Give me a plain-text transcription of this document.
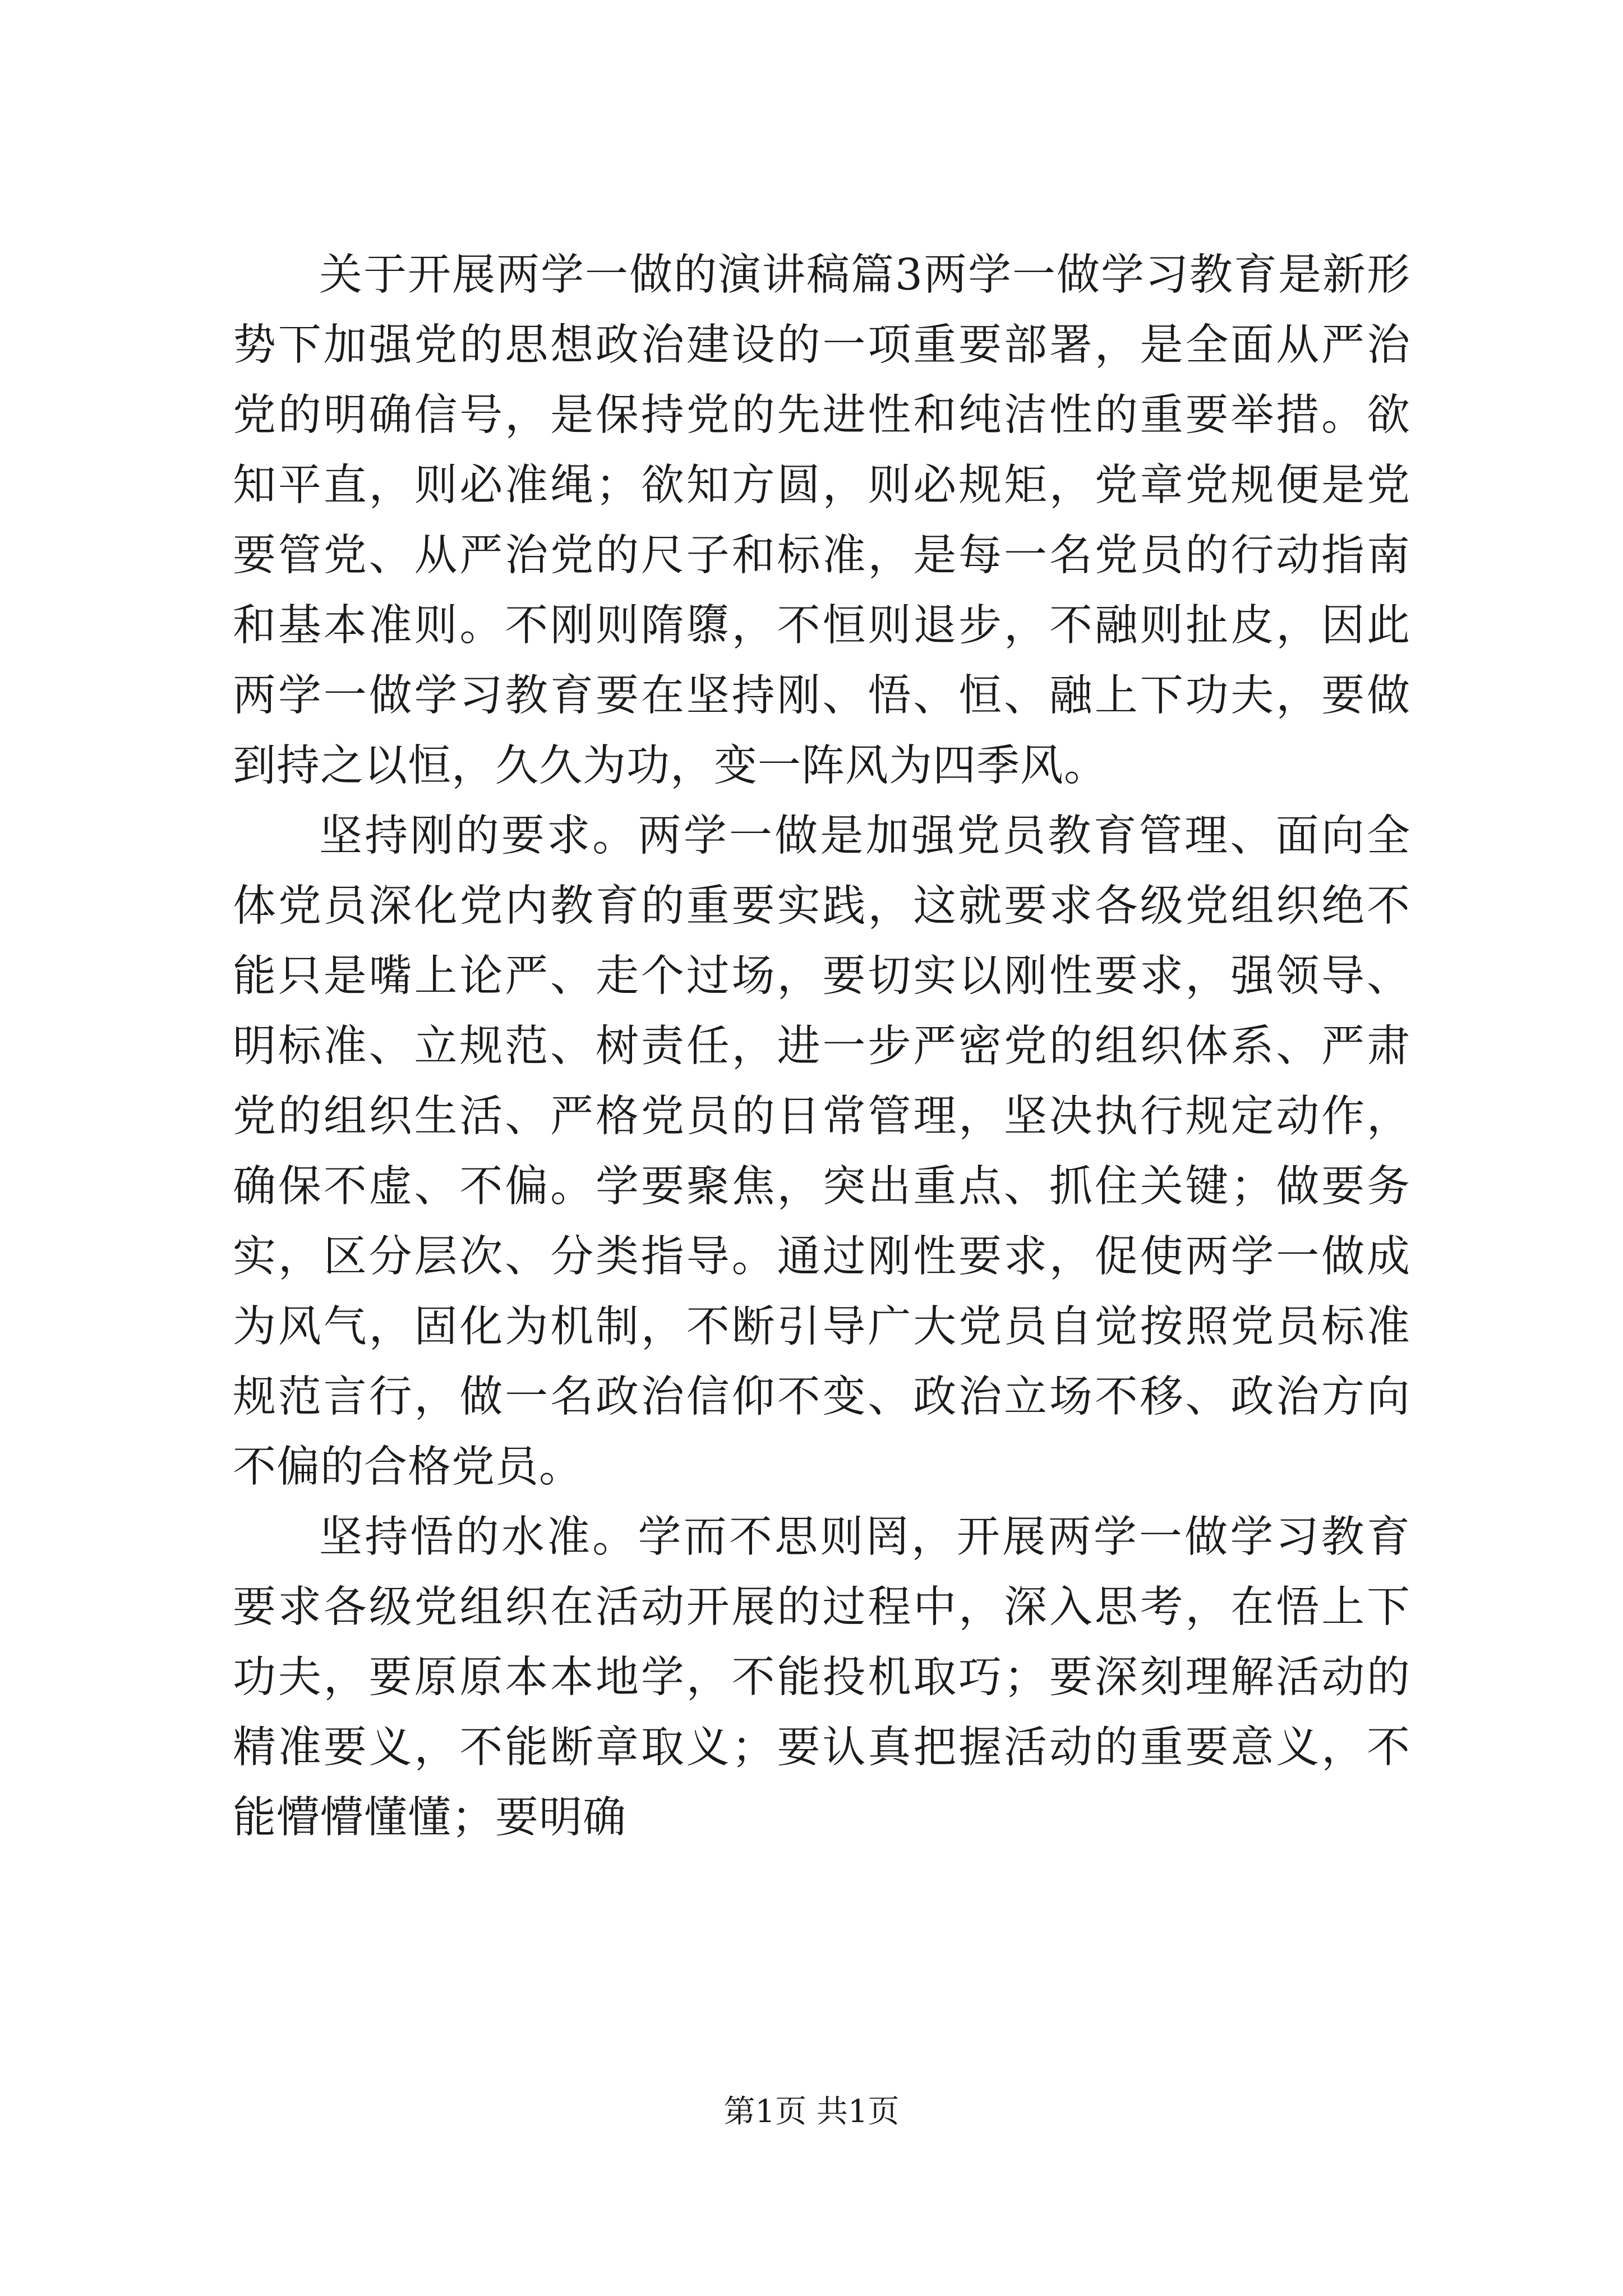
关于开展两学一做的演讲稿篇3两学一做学习教育是新形势下加强党的思想政治建设的一项重要部署，是全面从严治党的明确信号，是保持党的先进性和纯洁性的重要举措。欲知平直，则必准绳；欲知方圆，则必规矩，党章党规便是党要管党、从严治党的尺子和标准，是每一名党员的行动指南和基本准则。不刚则隋隳，不恒则退步，不融则扯皮，因此两学一做学习教育要在坚持刚、悟、恒、融上下功夫，要做到持之以恒，久久为功，变一阵风为四季风。

坚持刚的要求。两学一做是加强党员教育管理、面向全体党员深化党内教育的重要实践，这就要求各级党组织绝不能只是嘴上论严、走个过场，要切实以刚性要求，强领导、明标准、立规范、树责任，进一步严密党的组织体系、严肃党的组织生活、严格党员的日常管理，坚决执行规定动作，确保不虚、不偏。学要聚焦，突出重点、抓住关键；做要务实，区分层次、分类指导。通过刚性要求，促使两学一做成为风气，固化为机制，不断引导广大党员自觉按照党员标准规范言行，做一名政治信仰不变、政治立场不移、政治方向不偏的合格党员。

坚持悟的水准。学而不思则罔，开展两学一做学习教育要求各级党组织在活动开展的过程中，深入思考，在悟上下功夫，要原原本本地学，不能投机取巧；要深刻理解活动的精准要义，不能断章取义；要认真把握活动的重要意义，不能懵懵懂懂；要明确

第1页 共1页
